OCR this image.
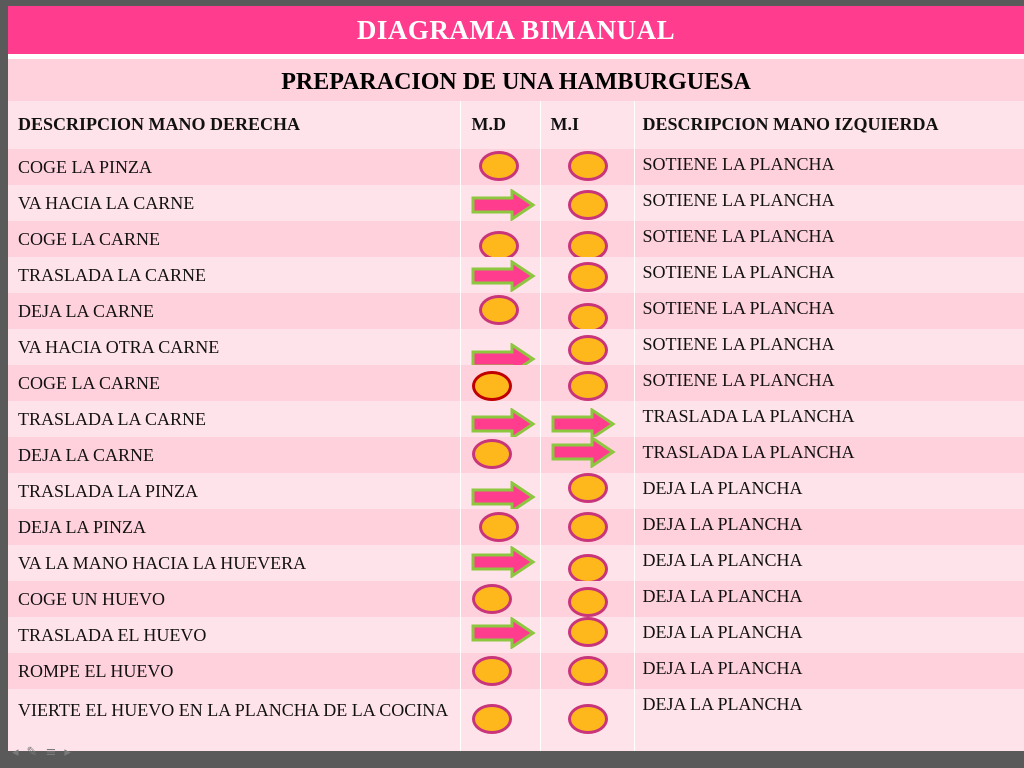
DIAGRAMA BIMANUAL
PREPARACION DE UNA HAMBURGUESA
DESCRIPCION MANO DERECHA	M.D	M.I	DESCRIPCION MANO IZQUIERDA

COGE LA PINZA			SOTIENE LA PLANCHA

VA HACIA LA CARNE			SOTIENE LA PLANCHA

COGE LA CARNE			SOTIENE LA PLANCHA

TRASLADA LA CARNE			SOTIENE LA PLANCHA

DEJA LA CARNE			SOTIENE LA PLANCHA

VA HACIA OTRA CARNE			SOTIENE LA PLANCHA

COGE LA CARNE			SOTIENE LA PLANCHA

TRASLADA LA CARNE			TRASLADA LA PLANCHA

DEJA LA CARNE			TRASLADA LA PLANCHA

TRASLADA LA PINZA			DEJA LA PLANCHA

DEJA LA PINZA			DEJA LA PLANCHA

VA LA MANO HACIA LA HUEVERA			DEJA LA PLANCHA

COGE UN HUEVO			DEJA LA PLANCHA

TRASLADA EL HUEVO			DEJA LA PLANCHA

ROMPE EL HUEVO			DEJA LA PLANCHA

VIERTE EL HUEVO EN LA PLANCHA DE LA COCINA			DEJA LA PLANCHA
◂✎≡▸
